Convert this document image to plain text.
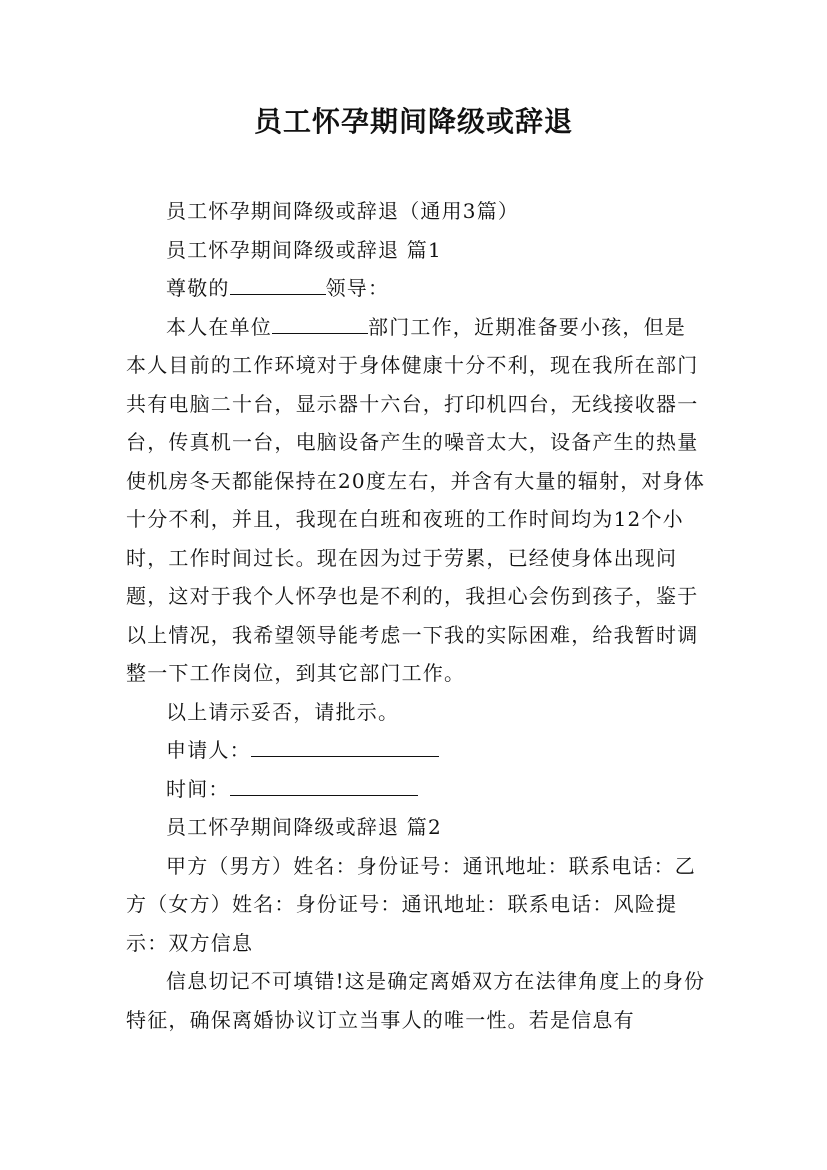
员工怀孕期间降级或辞退

员工怀孕期间降级或辞退（通用3篇）

员工怀孕期间降级或辞退 篇1

尊敬的	领导：

本人在单位	部门工作，近期准备要小孩，但是本人目前的工作环境对于身体健康十分不利，现在我所在部门共有电脑二十台，显示器十六台，打印机四台，无线接收器一台，传真机一台，电脑设备产生的噪音太大，设备产生的热量使机房冬天都能保持在20度左右，并含有大量的辐射，对身体十分不利，并且，我现在白班和夜班的工作时间均为12个小时，工作时间过长。现在因为过于劳累，已经使身体出现问题，这对于我个人怀孕也是不利的，我担心会伤到孩子，鉴于以上情况，我希望领导能考虑一下我的实际困难，给我暂时调整一下工作岗位，到其它部门工作。

以上请示妥否，请批示。

申请人：

时间：

员工怀孕期间降级或辞退 篇2

甲方（男方）姓名：身份证号：通讯地址：联系电话：乙方（女方）姓名：身份证号：通讯地址：联系电话：风险提示：双方信息

信息切记不可填错!这是确定离婚双方在法律角度上的身份特征，确保离婚协议订立当事人的唯一性。若是信息有
